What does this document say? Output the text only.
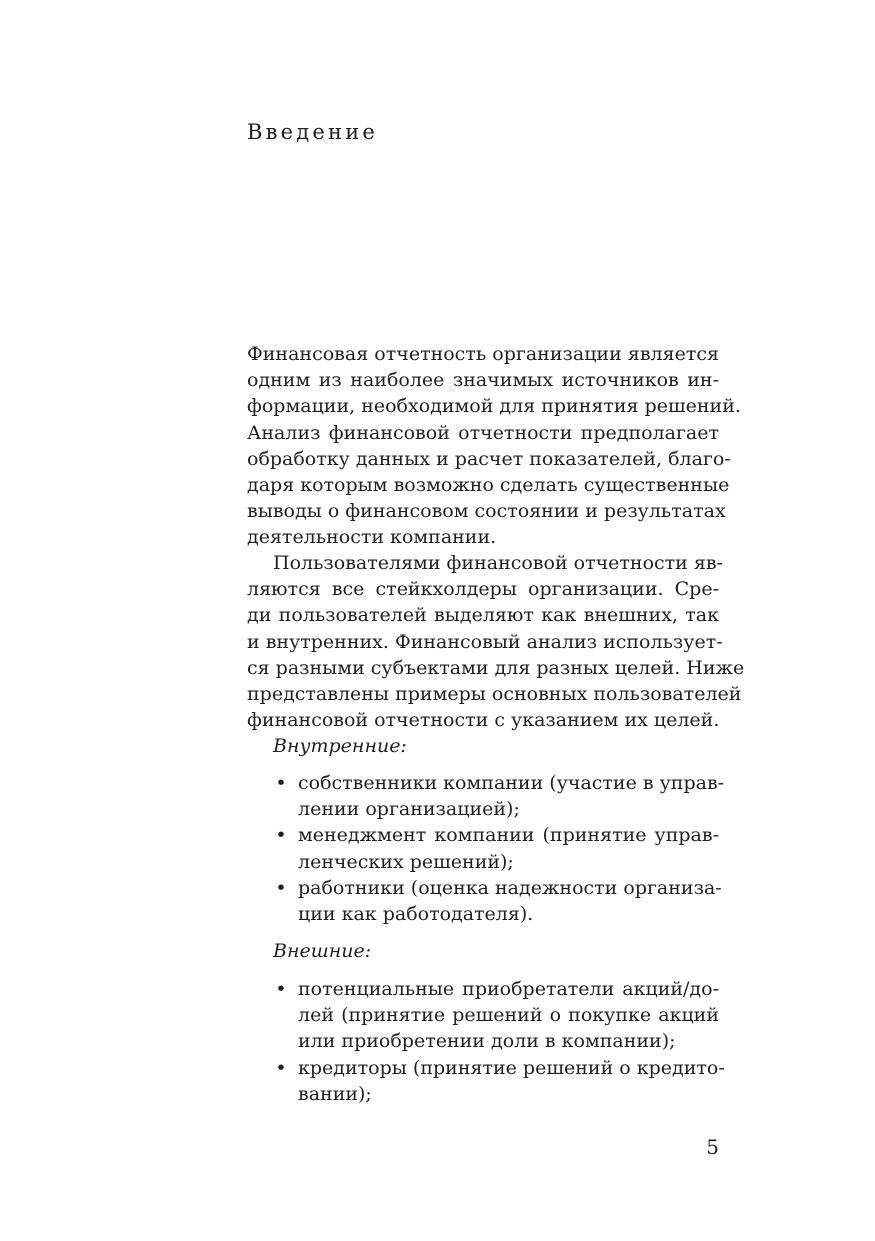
Введение

Финансовая отчетность организации является
одним из наиболее значимых источников ин-
формации, необходимой для принятия решений.
Анализ финансовой отчетности предполагает
обработку данных и расчет показателей, благо-
даря которым возможно сделать существенные
выводы о финансовом состоянии и результатах
деятельности компании.

Пользователями финансовой отчетности яв-
ляются все стейкхолдеры организации. Сре-
ди пользователей выделяют как внешних, так
и внутренних. Финансовый анализ используeт-
ся разными субъектами для разных целей. Ниже
представлены примеры основных пользователей
финансовой отчетности с указанием их целей.

Внутренние:

• собственники компании (участие в управ-
лении организацией);
• менеджмент компании (принятие управ-
ленческих решений);
• работники (оценка надежности организа-
ции как работодателя).

Внешние:

• потенциальные приобретатели акций/до-
лей (принятие решений о покупке акций
или приобретении доли в компании);
• кредиторы (принятие решений о кредито-
вании);

5
